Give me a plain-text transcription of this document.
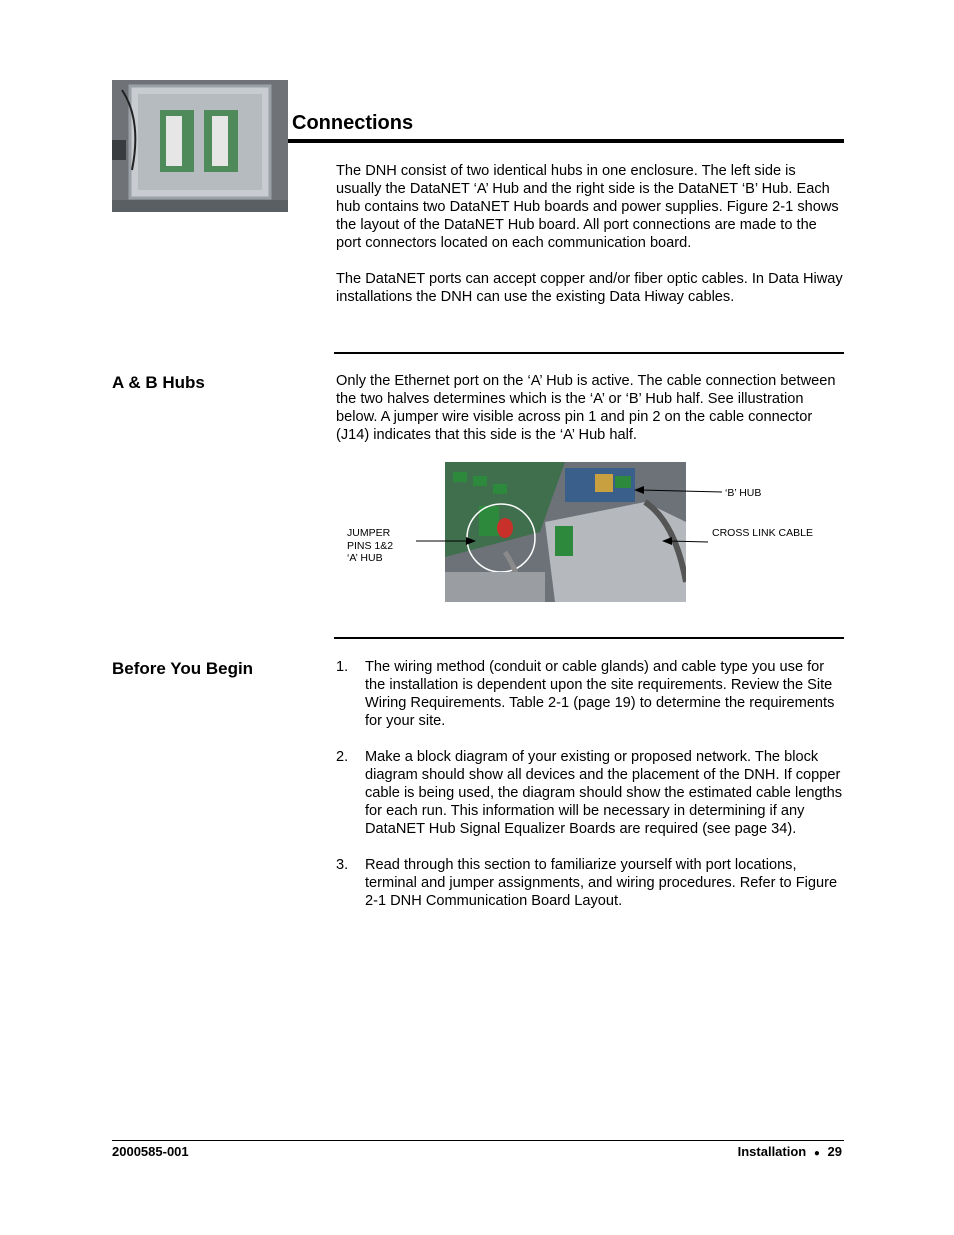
Connections

The DNH consist of two identical hubs in one enclosure. The left side is usually the DataNET ‘A’ Hub and the right side is the DataNET ‘B’ Hub. Each hub contains two DataNET Hub boards and power supplies. Figure 2-1 shows the layout of the DataNET Hub board. All port connections are made to the port connectors located on each communication board.

The DataNET ports can accept copper and/or fiber optic cables. In Data Hiway installations the DNH can use the existing Data Hiway cables.

A & B Hubs	Only the Ethernet port on the ‘A’ Hub is active. The cable connection between the two halves determines which is the ‘A’ or ‘B’ Hub half. See illustration below. A jumper wire visible across pin 1 and pin 2 on the cable connector (J14) indicates that this side is the ‘A’ Hub half.
‘B’ HUB
CROSS LINK CABLE
JUMPER
PINS 1&2
‘A’ HUB
Before You Begin	1. The wiring method (conduit or cable glands) and cable type you use for the installation is dependent upon the site requirements. Review the Site Wiring Requirements. Table 2-1 (page 19) to determine the requirements for your site.
2. Make a block diagram of your existing or proposed network. The block diagram should show all devices and the placement of the DNH. If copper cable is being used, the diagram should show the estimated cable lengths for each run. This information will be necessary in determining if any DataNET Hub Signal Equalizer Boards are required (see page 34).
3. Read through this section to familiarize yourself with port locations, terminal and jumper assignments, and wiring procedures. Refer to Figure 2-1 DNH Communication Board Layout.
2000585-001	Installation ● 29
